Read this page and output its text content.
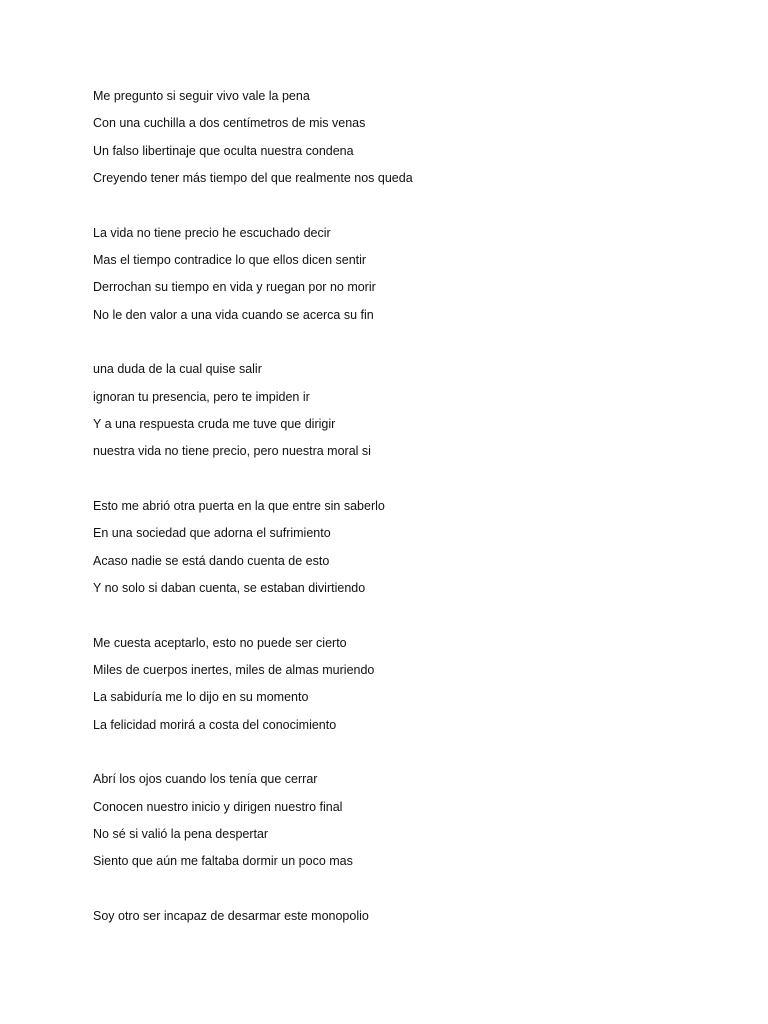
Me pregunto si seguir vivo vale la pena
Con una cuchilla a dos centímetros de mis venas
Un falso libertinaje que oculta nuestra condena
Creyendo tener más tiempo del que realmente nos queda
La vida no tiene precio he escuchado decir
Mas el tiempo contradice lo que ellos dicen sentir
Derrochan su tiempo en vida y ruegan por no morir
No le den valor a una vida cuando se acerca su fin
una duda de la cual quise salir
ignoran tu presencia, pero te impiden ir
Y a una respuesta cruda me tuve que dirigir
nuestra vida no tiene precio, pero nuestra moral si
Esto me abrió otra puerta en la que entre sin saberlo
En una sociedad que adorna el sufrimiento
Acaso nadie se está dando cuenta de esto
Y no solo si daban cuenta, se estaban divirtiendo
Me cuesta aceptarlo, esto no puede ser cierto
Miles de cuerpos inertes, miles de almas muriendo
La sabiduría me lo dijo en su momento
La felicidad morirá a costa del conocimiento
Abrí los ojos cuando los tenía que cerrar
Conocen nuestro inicio y dirigen nuestro final
No sé si valió la pena despertar
Siento que aún me faltaba dormir un poco mas
Soy otro ser incapaz de desarmar este monopolio
